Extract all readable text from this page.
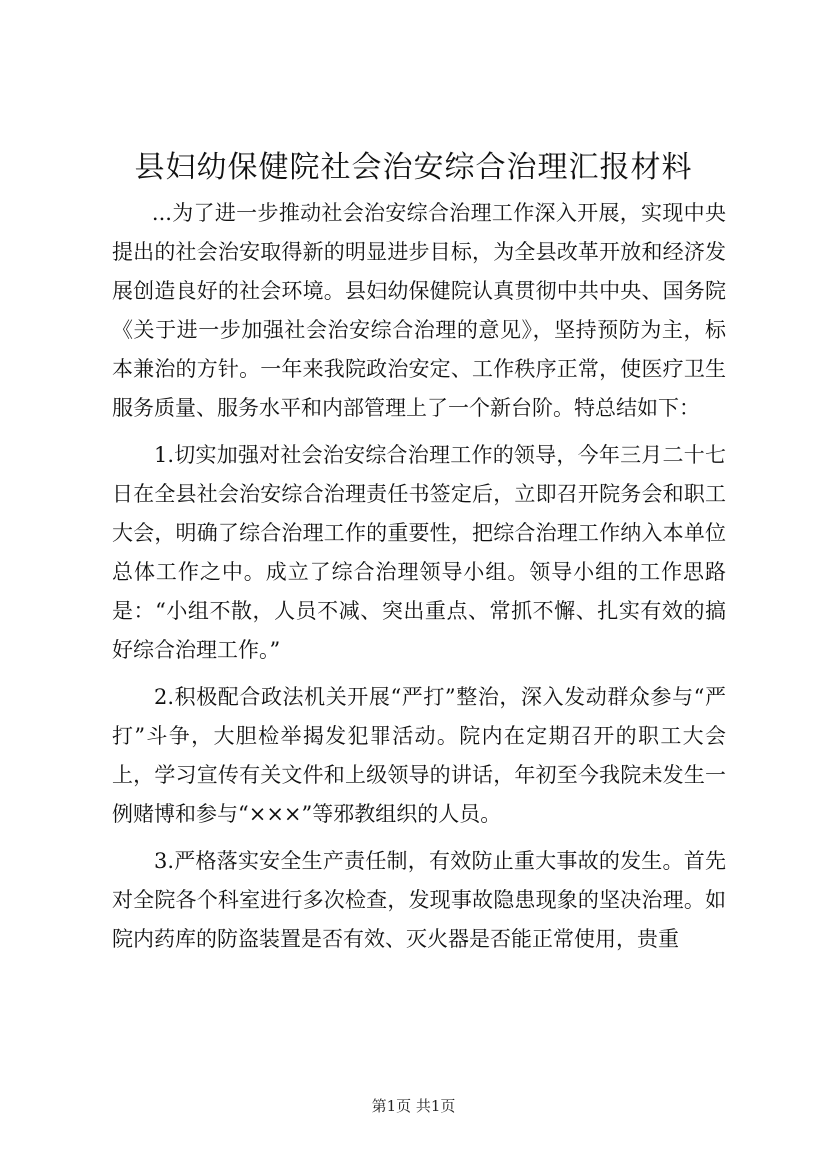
县妇幼保健院社会治安综合治理汇报材料

...为了进一步推动社会治安综合治理工作深入开展，实现中央提出的社会治安取得新的明显进步目标，为全县改革开放和经济发展创造良好的社会环境。县妇幼保健院认真贯彻中共中央、国务院《关于进一步加强社会治安综合治理的意见》，坚持预防为主，标本兼治的方针。一年来我院政治安定、工作秩序正常，使医疗卫生服务质量、服务水平和内部管理上了一个新台阶。特总结如下：

1.切实加强对社会治安综合治理工作的领导，今年三月二十七日在全县社会治安综合治理责任书签定后，立即召开院务会和职工大会，明确了综合治理工作的重要性，把综合治理工作纳入本单位总体工作之中。成立了综合治理领导小组。领导小组的工作思路是：“小组不散，人员不减、突出重点、常抓不懈、扎实有效的搞好综合治理工作。”

2.积极配合政法机关开展“严打”整治，深入发动群众参与“严打”斗争，大胆检举揭发犯罪活动。院内在定期召开的职工大会上，学习宣传有关文件和上级领导的讲话，年初至今我院未发生一例赌博和参与“×××”等邪教组织的人员。

3.严格落实安全生产责任制，有效防止重大事故的发生。首先对全院各个科室进行多次检查，发现事故隐患现象的坚决治理。如院内药库的防盗装置是否有效、灭火器是否能正常使用，贵重

第1页 共1页
